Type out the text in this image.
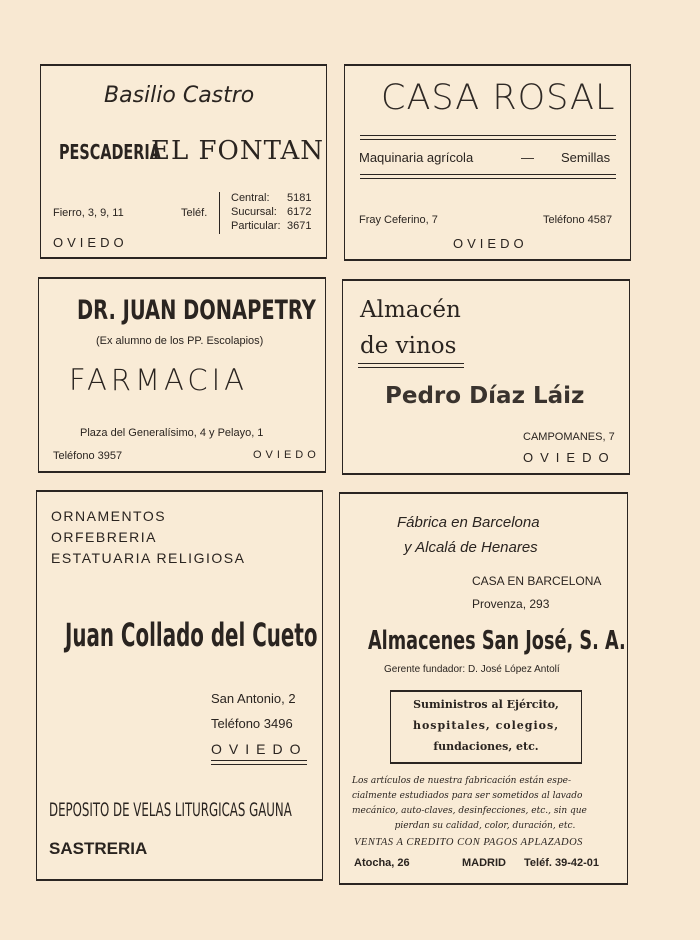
Basilio Castro
PESCADERIA
EL FONTAN
Fierro, 3, 9, 11	Teléf.
Central: 5181
Sucursal: 6172
Particular: 3671
OVIEDO
CASA ROSAL
Maquinaria agrícola	— Semillas
Fray Ceferino, 7	Teléfono 4587
OVIEDO
DR. JUAN DONAPETRY
(Ex alumno de los PP. Escolapios)
FARMACIA
Plaza del Generalísimo, 4 y Pelayo, 1
Teléfono 3957	OVIEDO
Almacén
de vinos
Pedro Díaz Láiz
CAMPOMANES, 7
OVIEDO
ORNAMENTOS
ORFEBRERIA
ESTATUARIA RELIGIOSA
Juan Collado del Cueto
San Antonio, 2
Teléfono 3496
OVIEDO
DEPOSITO DE VELAS LITURGICAS GAUNA
SASTRERIA
Fábrica en Barcelona
y Alcalá de Henares
CASA EN BARCELONA
Provenza, 293
Almacenes San José, S. A.
Gerente fundador: D. José López Antolí
Suministros al Ejército,
hospitales, colegios,
fundaciones, etc.
Los artículos de nuestra fabricación están espe-
cialmente estudiados para ser sometidos al lavado
mecánico, auto-claves, desinfecciones, etc., sin que
pierdan su calidad, color, duración, etc.
VENTAS A CREDITO CON PAGOS APLAZADOS
Atocha, 26	MADRID Teléf. 39-42-01
